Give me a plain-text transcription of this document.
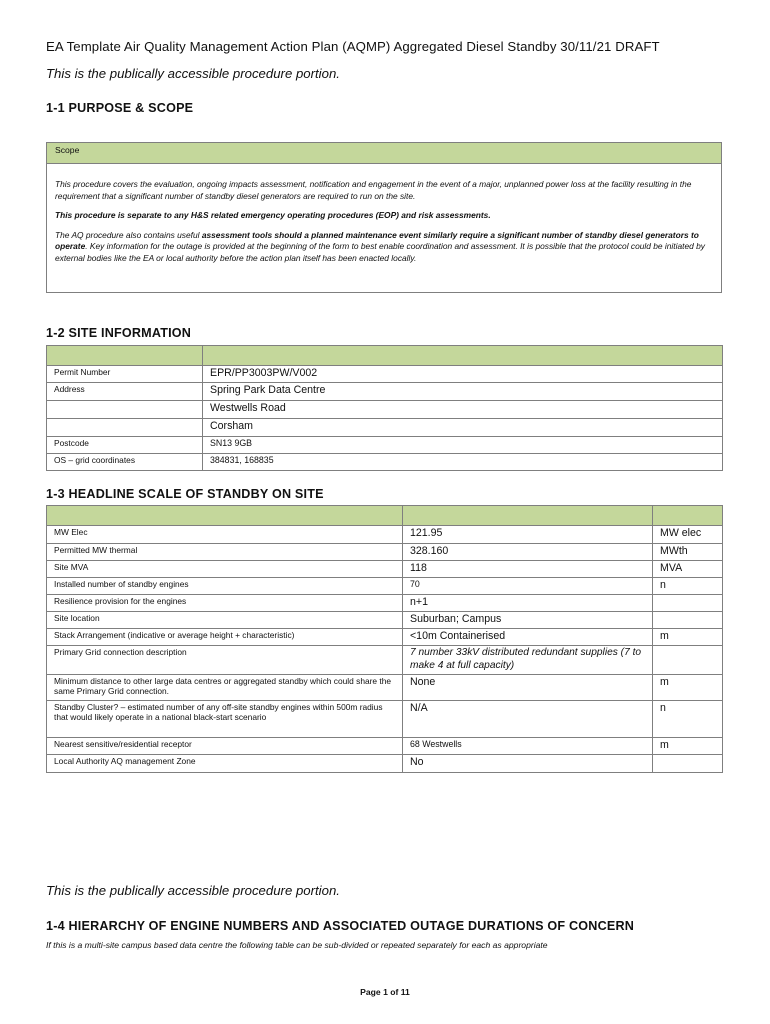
EA Template Air Quality Management Action Plan (AQMP) Aggregated Diesel Standby 30/11/21 DRAFT
This is the publically accessible procedure portion.
1-1 PURPOSE & SCOPE
Scope

This procedure covers the evaluation, ongoing impacts assessment, notification and engagement in the event of a major, unplanned power loss at the facility resulting in the requirement that a significant number of standby diesel generators are required to run on the site.

This procedure is separate to any H&S related emergency operating procedures (EOP) and risk assessments.

The AQ procedure also contains useful assessment tools should a planned maintenance event similarly require a significant number of standby diesel generators to operate. Key information for the outage is provided at the beginning of the form to best enable coordination and assessment. It is possible that the protocol could be initiated by external bodies like the EA or local authority before the action plan itself has been enacted locally.

1-2 SITE INFORMATION

Permit Number	EPR/PP3003PW/V002
Address	Spring Park Data Centre
	Westwells Road
	Corsham
Postcode	SN13 9GB
OS – grid coordinates	384831, 168835
1-3 HEADLINE SCALE OF STANDBY ON SITE

MW Elec	121.95	MW elec
Permitted MW thermal	328.160	MWth
Site MVA	118	MVA
Installed number of standby engines	70	n
Resilience provision for the engines	n+1	
Site location	Suburban; Campus	
Stack Arrangement (indicative or average height + characteristic)	<10m Containerised	m
Primary Grid connection description	7 number 33kV distributed redundant supplies (7 to make 4 at full capacity)	
Minimum distance to other large data centres or aggregated standby which could share the same Primary Grid connection.	None	m
Standby Cluster? – estimated number of any off-site standby engines within 500m radius that would likely operate in a national black-start scenario	N/A	n
Nearest sensitive/residential receptor	68 Westwells	m
Local Authority AQ management Zone	No	
This is the publically accessible procedure portion.
1-4 HIERARCHY OF ENGINE NUMBERS AND ASSOCIATED OUTAGE DURATIONS OF CONCERN
If this is a multi-site campus based data centre the following table can be sub-divided or repeated separately for each as appropriate
Page 1 of 11
